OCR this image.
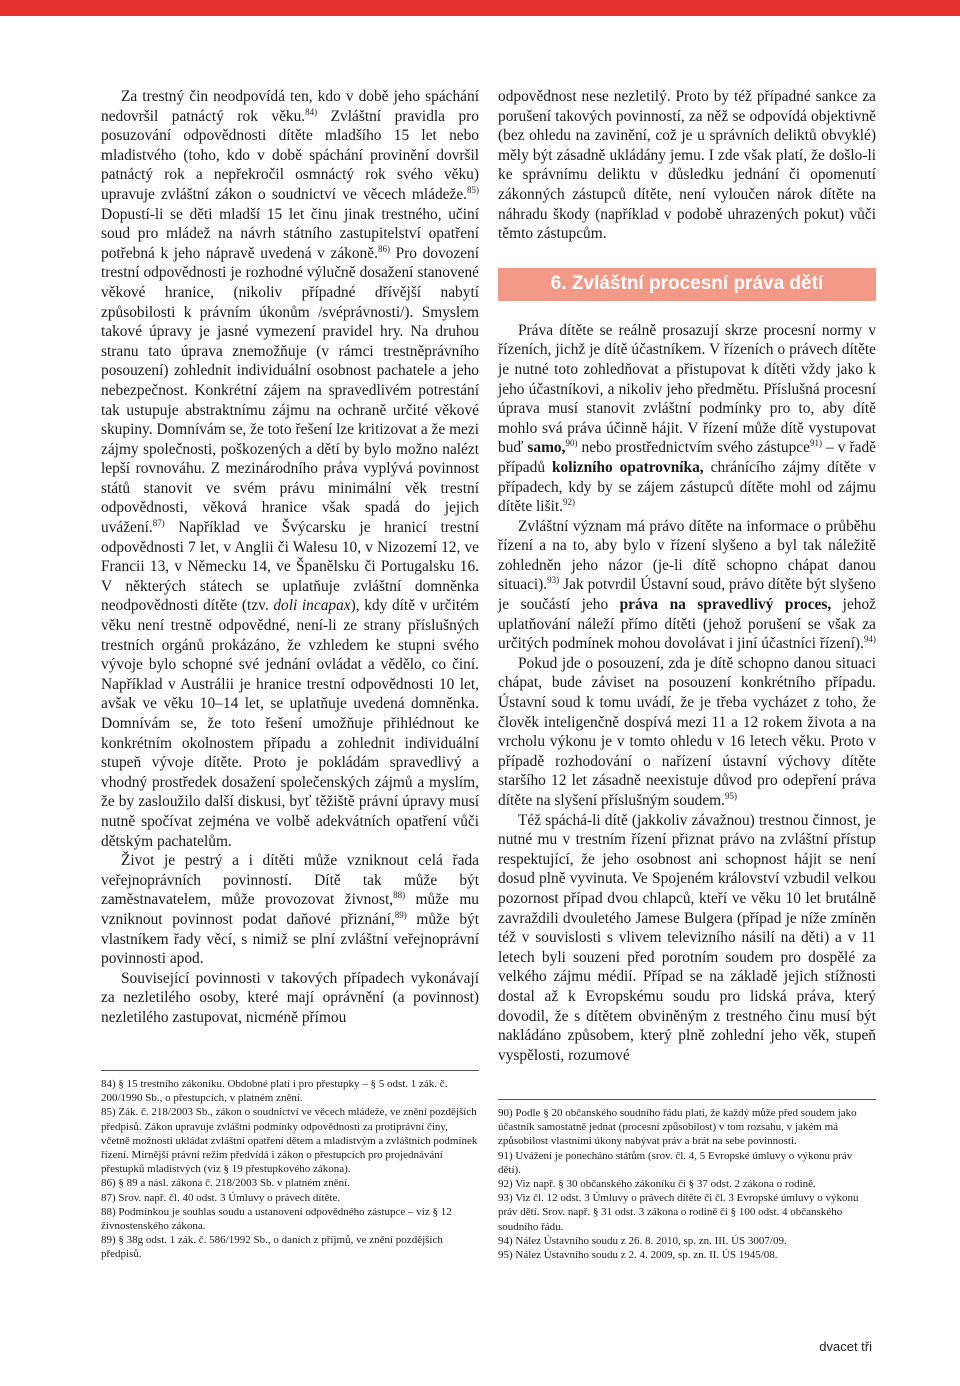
Za trestný čin neodpovídá ten, kdo v době jeho spáchání nedovršil patnáctý rok věku.$^{84)}$ Zvláštní pravidla pro posuzování odpovědnosti dítěte mladšího 15 let nebo mladistvého (toho, kdo v době spáchání provinění dovršil patnáctý rok a nepřekročil osmnáctý rok svého věku) upravuje zvláštní zákon o soudnictví ve věcech mládeže.$^{85)}$ Dopustí-li se děti mladší 15 let činu jinak trestného, učiní soud pro mládež na návrh státního zastupitelství opatření potřebná k jeho nápravě uvedená v zákoně.$^{86)}$ Pro dovození trestní odpovědnosti je rozhodné výlučně dosažení stanovené věkové hranice, (nikoliv případné dřívější nabytí způsobilosti k právním úkonům /svéprávnosti/). Smyslem takové úpravy je jasné vymezení pravidel hry. Na druhou stranu tato úprava znemožňuje (v rámci trestněprávního posouzení) zohlednit individuální osobnost pachatele a jeho nebezpečnost. Konkrétní zájem na spravedlivém potrestání tak ustupuje abstraktnímu zájmu na ochraně určité věkové skupiny. Domnívám se, že toto řešení lze kritizovat a že mezi zájmy společnosti, poškozených a dětí by bylo možno nalézt lepší rovnováhu. Z mezinárodního práva vyplývá povinnost států stanovit ve svém právu minimální věk trestní odpovědnosti, věková hranice však spadá do jejich uvážení.$^{87)}$ Například ve Švýcarsku je hranicí trestní odpovědnosti 7 let, v Anglii či Walesu 10, v Nizozemí 12, ve Francii 13, v Německu 14, ve Španělsku či Portugalsku 16. V některých státech se uplatňuje zvláštní domněnka neodpovědnosti dítěte (tzv. doli incapax), kdy dítě v určitém věku není trestně odpovědné, není-li ze strany příslušných trestních orgánů prokázáno, že vzhledem ke stupni svého vývoje bylo schopné své jednání ovládat a vědělo, co činí. Například v Austrálii je hranice trestní odpovědnosti 10 let, avšak ve věku 10–14 let, se uplatňuje uvedená domněnka. Domnívám se, že toto řešení umožňuje přihlédnout ke konkrétním okolnostem případu a zohlednit individuální stupeň vývoje dítěte. Proto je pokládám spravedlivý a vhodný prostředek dosažení společenských zájmů a myslím, že by zasloužilo další diskusi, byť těžiště právní úpravy musí nutně spočívat zejména ve volbě adekvátních opatření vůči dětským pachatelům.

Život je pestrý a i dítěti může vzniknout celá řada veřejnoprávních povinností. Dítě tak může být zaměstnavatelem, může provozovat živnost,$^{88)}$ může mu vzniknout povinnost podat daňové přiznání,$^{89)}$ může být vlastníkem řady věcí, s nimiž se plní zvláštní veřejnoprávní povinnosti apod.

Související povinnosti v takových případech vykonávají za nezletilého osoby, které mají oprávnění (a povinnost) nezletilého zastupovat, nicméně přímou

odpovědnost nese nezletilý. Proto by též případné sankce za porušení takových povinností, za něž se odpovídá objektivně (bez ohledu na zavinění, což je u správních deliktů obvyklé) měly být zásadně ukládány jemu. I zde však platí, že došlo-li ke správnímu deliktu v důsledku jednání či opomenutí zákonných zástupců dítěte, není vyloučen nárok dítěte na náhradu škody (například v podobě uhrazených pokut) vůči těmto zástupcům.

6. Zvláštní procesní práva dětí

Práva dítěte se reálně prosazují skrze procesní normy v řízeních, jichž je dítě účastníkem. V řízeních o právech dítěte je nutné toto zohledňovat a přistupovat k dítěti vždy jako k jeho účastníkovi, a nikoliv jeho předmětu. Příslušná procesní úprava musí stanovit zvláštní podmínky pro to, aby dítě mohlo svá práva účinně hájit. V řízení může dítě vystupovat buď samo,$^{90)}$ nebo prostřednictvím svého zástupce$^{91)}$ – v řadě případů kolizního opatrovníka, chránícího zájmy dítěte v případech, kdy by se zájem zástupců dítěte mohl od zájmu dítěte lišit.$^{92)}$

Zvláštní význam má právo dítěte na informace o průběhu řízení a na to, aby bylo v řízení slyšeno a byl tak náležitě zohledněn jeho názor (je-li dítě schopno chápat danou situaci).$^{93)}$ Jak potvrdil Ústavní soud, právo dítěte být slyšeno je součástí jeho práva na spravedlivý proces, jehož uplatňování náleží přímo dítěti (jehož porušení se však za určitých podmínek mohou dovolávat i jiní účastníci řízení).$^{94)}$

Pokud jde o posouzení, zda je dítě schopno danou situaci chápat, bude záviset na posouzení konkrétního případu. Ústavní soud k tomu uvádí, že je třeba vycházet z toho, že člověk inteligenčně dospívá mezi 11 a 12 rokem života a na vrcholu výkonu je v tomto ohledu v 16 letech věku. Proto v případě rozhodování o nařízení ústavní výchovy dítěte staršího 12 let zásadně neexistuje důvod pro odepření práva dítěte na slyšení příslušným soudem.$^{95)}$

Též spáchá-li dítě (jakkoliv závažnou) trestnou činnost, je nutné mu v trestním řízení přiznat právo na zvláštní přístup respektující, že jeho osobnost ani schopnost hájit se není dosud plně vyvinuta. Ve Spojeném království vzbudil velkou pozornost případ dvou chlapců, kteří ve věku 10 let brutálně zavraždili dvouletého Jamese Bulgera (případ je níže zmíněn též v souvislosti s vlivem televizního násilí na děti) a v 11 letech byli souzeni před porotním soudem pro dospělé za velkého zájmu médií. Případ se na základě jejich stížnosti dostal až k Evropskému soudu pro lidská práva, který dovodil, že s dítětem obviněným z trestného činu musí být nakládáno způsobem, který plně zohlední jeho věk, stupeň vyspělosti, rozumové

84) § 15 trestního zákoníku. Obdobné platí i pro přestupky – § 5 odst. 1 zák. č. 200/1990 Sb., o přestupcích, v platném znění.
85) Zák. č. 218/2003 Sb., zákon o soudnictví ve věcech mládeže, ve znění pozdějších předpisů. Zákon upravuje zvláštní podmínky odpovědnosti za protiprávní činy, včetně možnosti ukládat zvláštní opatření dětem a mladistvým a zvláštních podmínek řízení. Mírnější právní režim předvídá i zákon o přestupcích pro projednávání přestupků mladistvých (viz § 19 přestupkového zákona).
86) § 89 a násl. zákona č. 218/2003 Sb. v platném znění.
87) Srov. např. čl. 40 odst. 3 Úmluvy o právech dítěte.
88) Podmínkou je souhlas soudu a ustanovení odpovědného zástupce – viz § 12 živnostenského zákona.
89) § 38g odst. 1 zák. č. 586/1992 Sb., o daních z příjmů, ve znění pozdějších předpisů.
90) Podle § 20 občanského soudního řádu platí, že každý může před soudem jako účastník samostatně jednat (procesní způsobilost) v tom rozsahu, v jakém má způsobilost vlastními úkony nabývat práv a brát na sebe povinnosti.
91) Uvážení je ponecháno státům (srov. čl. 4, 5 Evropské úmluvy o výkonu práv dětí).
92) Viz např. § 30 občanského zákoníku či § 37 odst. 2 zákona o rodině.
93) Viz čl. 12 odst. 3 Úmluvy o právech dítěte či čl. 3 Evropské úmluvy o výkonu práv dětí. Srov. např. § 31 odst. 3 zákona o rodině či § 100 odst. 4 občanského soudního řádu.
94) Nález Ústavního soudu z 26. 8. 2010, sp. zn. III. ÚS 3007/09.
95) Nález Ústavního soudu z 2. 4. 2009, sp. zn. II. ÚS 1945/08.
dvacet tři
